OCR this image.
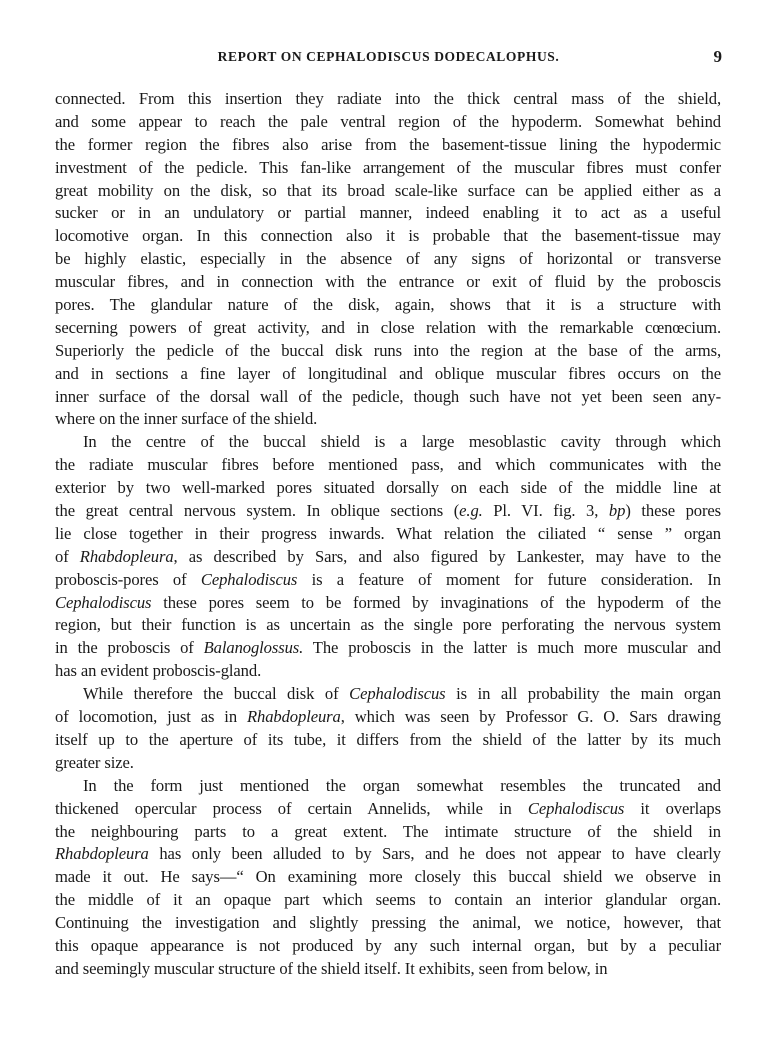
REPORT ON CEPHALODISCUS DODECALOPHUS.	9
connected. From this insertion they radiate into the thick central mass of the shield,
and some appear to reach the pale ventral region of the hypoderm. Somewhat behind
the former region the fibres also arise from the basement-tissue lining the hypodermic
investment of the pedicle. This fan-like arrangement of the muscular fibres must confer
great mobility on the disk, so that its broad scale-like surface can be applied either as a
sucker or in an undulatory or partial manner, indeed enabling it to act as a useful
locomotive organ. In this connection also it is probable that the basement-tissue may
be highly elastic, especially in the absence of any signs of horizontal or transverse
muscular fibres, and in connection with the entrance or exit of fluid by the proboscis
pores. The glandular nature of the disk, again, shows that it is a structure with
secerning powers of great activity, and in close relation with the remarkable cœnœcium.
Superiorly the pedicle of the buccal disk runs into the region at the base of the arms,
and in sections a fine layer of longitudinal and oblique muscular fibres occurs on the
inner surface of the dorsal wall of the pedicle, though such have not yet been seen any-
where on the inner surface of the shield.
In the centre of the buccal shield is a large mesoblastic cavity through which
the radiate muscular fibres before mentioned pass, and which communicates with the
exterior by two well-marked pores situated dorsally on each side of the middle line at
the great central nervous system. In oblique sections (e.g. Pl. VI. fig. 3, bp) these pores
lie close together in their progress inwards. What relation the ciliated “ sense ” organ
of Rhabdopleura, as described by Sars, and also figured by Lankester, may have to the
proboscis-pores of Cephalodiscus is a feature of moment for future consideration. In
Cephalodiscus these pores seem to be formed by invaginations of the hypoderm of the
region, but their function is as uncertain as the single pore perforating the nervous system
in the proboscis of Balanoglossus. The proboscis in the latter is much more muscular and
has an evident proboscis-gland.
While therefore the buccal disk of Cephalodiscus is in all probability the main organ
of locomotion, just as in Rhabdopleura, which was seen by Professor G. O. Sars drawing
itself up to the aperture of its tube, it differs from the shield of the latter by its much
greater size.
In the form just mentioned the organ somewhat resembles the truncated and
thickened opercular process of certain Annelids, while in Cephalodiscus it overlaps
the neighbouring parts to a great extent. The intimate structure of the shield in
Rhabdopleura has only been alluded to by Sars, and he does not appear to have clearly
made it out. He says—“ On examining more closely this buccal shield we observe in
the middle of it an opaque part which seems to contain an interior glandular organ.
Continuing the investigation and slightly pressing the animal, we notice, however, that
this opaque appearance is not produced by any such internal organ, but by a peculiar
and seemingly muscular structure of the shield itself. It exhibits, seen from below, in
